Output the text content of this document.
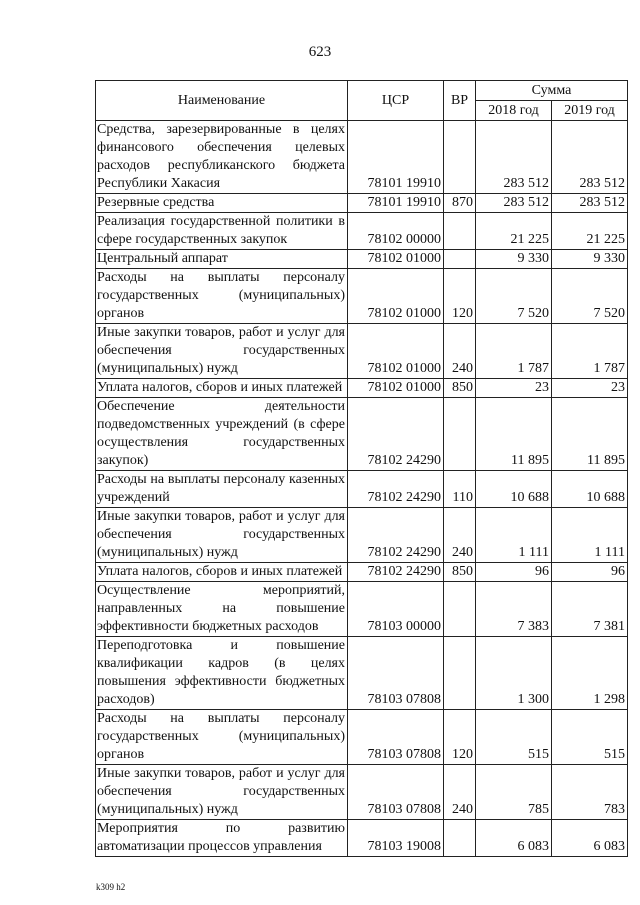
623
Наименование	ЦСР	ВР	Сумма	
			2018 год	2019 год
Средства, зарезервированные в целях финансового обеспечения целевых расходов республиканского бюджета Республики Хакасия	78101 19910		283 512	283 512
Резервные средства	78101 19910	870	283 512	283 512
Реализация государственной политики в сфере государственных закупок	78102 00000		21 225	21 225
Центральный аппарат	78102 01000		9 330	9 330
Расходы на выплаты персоналу государственных (муниципальных) органов	78102 01000	120	7 520	7 520
Иные закупки товаров, работ и услуг для обеспечения государственных (муниципальных) нужд	78102 01000	240	1 787	1 787
Уплата налогов, сборов и иных платежей	78102 01000	850	23	23
Обеспечение деятельности подведомственных учреждений (в сфере осуществления государственных закупок)	78102 24290		11 895	11 895
Расходы на выплаты персоналу казенных учреждений	78102 24290	110	10 688	10 688
Иные закупки товаров, работ и услуг для обеспечения государственных (муниципальных) нужд	78102 24290	240	1 111	1 111
Уплата налогов, сборов и иных платежей	78102 24290	850	96	96
Осуществление мероприятий, направленных на повышение эффективности бюджетных расходов	78103 00000		7 383	7 381
Переподготовка и повышение квалификации кадров (в целях повышения эффективности бюджетных расходов)	78103 07808		1 300	1 298
Расходы на выплаты персоналу государственных (муниципальных) органов	78103 07808	120	515	515
Иные закупки товаров, работ и услуг для обеспечения государственных (муниципальных) нужд	78103 07808	240	785	783
Мероприятия по развитию автоматизации процессов управления	78103 19008		6 083	6 083
k309 h2
